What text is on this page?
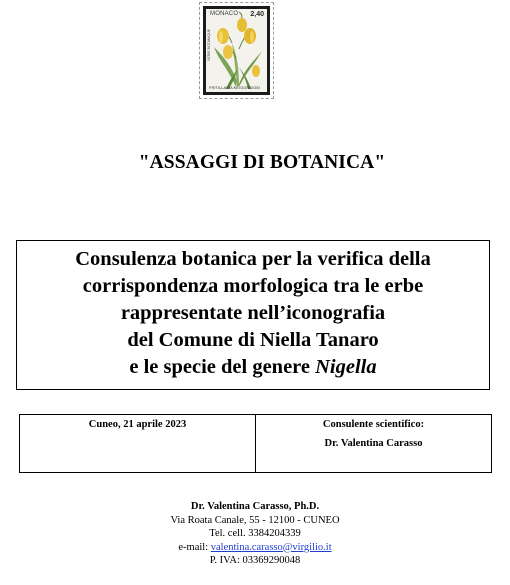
MONACO 2,40
SÉRIE BOTANIQUE
FRITILLARIA MOGGRIDGEI
"ASSAGGI DI BOTANICA"
Consulenza botanica per la verifica della
corrispondenza morfologica tra le erbe
rappresentate nell’iconografia
del Comune di Niella Tanaro
e le specie del genere Nigella
Cuneo, 21 aprile 2023	Consulente scientifico:
Dr. Valentina Carasso
Dr. Valentina Carasso, Ph.D.
Via Roata Canale, 55 - 12100 - CUNEO
Tel. cell. 3384204339
e-mail: valentina.carasso@virgilio.it
P. IVA: 03369290048
